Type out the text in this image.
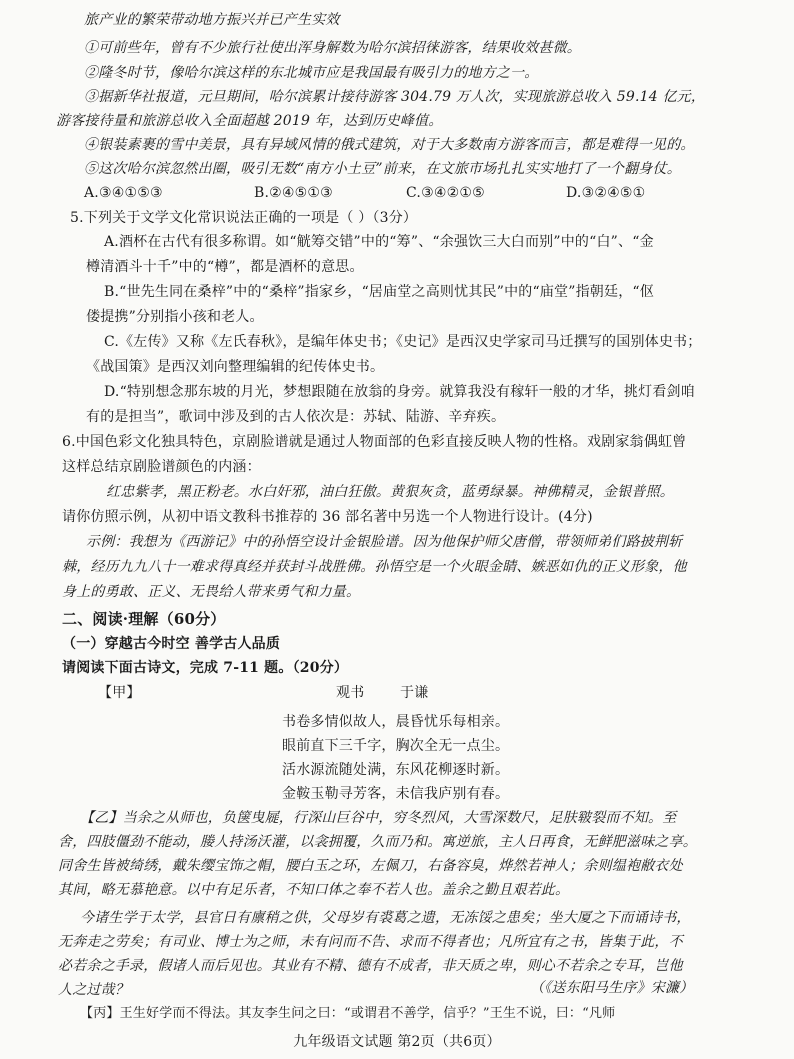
旅产业的繁荣带动地方振兴并已产生实效
①可前些年，曾有不少旅行社使出浑身解数为哈尔滨招徕游客，结果收效甚微。
②隆冬时节，像哈尔滨这样的东北城市应是我国最有吸引力的地方之一。
③据新华社报道，元旦期间，哈尔滨累计接待游客 304.79 万人次，实现旅游总收入 59.14 亿元，
游客接待量和旅游总收入全面超越 2019 年，达到历史峰值。
④银装素裹的雪中美景，具有异域风情的俄式建筑，对于大多数南方游客而言，都是难得一见的。
⑤这次哈尔滨忽然出圈，吸引无数“南方小土豆”前来，在文旅市场扎扎实实地打了一个翻身仗。
A.③④①⑤③	B.②④⑤①③	C.③④②①⑤	D.③②④⑤①
5.下列关于文学文化常识说法正确的一项是（ ）（3分）
A.酒杯在古代有很多称谓。如“觥筹交错”中的“筹”、“余强饮三大白而别”中的“白”、“金
樽清酒斗十千”中的“樽”，都是酒杯的意思。
B.“世先生同在桑梓”中的“桑梓”指家乡，“居庙堂之高则忧其民”中的“庙堂”指朝廷，“伛
偻提携”分别指小孩和老人。
C.《左传》又称《左氏春秋》，是编年体史书；《史记》是西汉史学家司马迁撰写的国别体史书；
《战国策》是西汉刘向整理编辑的纪传体史书。
D.“特别想念那东坡的月光，梦想跟随在放翁的身旁。就算我没有稼轩一般的才华，挑灯看剑咱
有的是担当”，歌词中涉及到的古人依次是：苏轼、陆游、辛弃疾。
6.中国色彩文化独具特色，京剧脸谱就是通过人物面部的色彩直接反映人物的性格。戏剧家翁偶虹曾
这样总结京剧脸谱颜色的内涵：
红忠紫孝，黑正粉老。水白奸邪，油白狂傲。黄狠灰贪，蓝勇绿暴。神佛精灵，金银普照。
请你仿照示例，从初中语文教科书推荐的 36 部名著中另选一个人物进行设计。(4分)
示例：我想为《西游记》中的孙悟空设计金银脸谱。因为他保护师父唐僧，带领师弟们路披荆斩
棘，经历九九八十一难求得真经并获封斗战胜佛。孙悟空是一个火眼金睛、嫉恶如仇的正义形象，他
身上的勇敢、正义、无畏给人带来勇气和力量。
二、阅读·理解（60分）
（一）穿越古今时空 善学古人品质
请阅读下面古诗文，完成 7-11 题。（20分）
【甲】	观书	于谦
书卷多情似故人，晨昏忧乐每相亲。
眼前直下三千字，胸次全无一点尘。
活水源流随处满，东风花柳逐时新。
金鞍玉勒寻芳客，未信我庐别有春。
【乙】当余之从师也，负箧曳屣，行深山巨谷中，穷冬烈风，大雪深数尺，足肤皲裂而不知。至
舍，四肢僵劲不能动，媵人持汤沃灌，以衾拥覆，久而乃和。寓逆旅，主人日再食，无鲜肥滋味之享。
同舍生皆被绮绣，戴朱缨宝饰之帽，腰白玉之环，左佩刀，右备容臭，烨然若神人；余则缊袍敝衣处
其间，略无慕艳意。以中有足乐者，不知口体之奉不若人也。盖余之勤且艰若此。
今诸生学于太学，县官日有廪稍之供，父母岁有裘葛之遗，无冻馁之患矣；坐大厦之下而诵诗书，
无奔走之劳矣；有司业、博士为之师，未有问而不告、求而不得者也；凡所宜有之书，皆集于此，不
必若余之手录，假诸人而后见也。其业有不精、德有不成者，非天质之卑，则心不若余之专耳，岂他
人之过哉？	（《送东阳马生序》宋濂）
【丙】王生好学而不得法。其友李生问之曰：“或谓君不善学，信乎？”王生不说，曰：“凡师
九年级语文试题 第2页（共6页）
